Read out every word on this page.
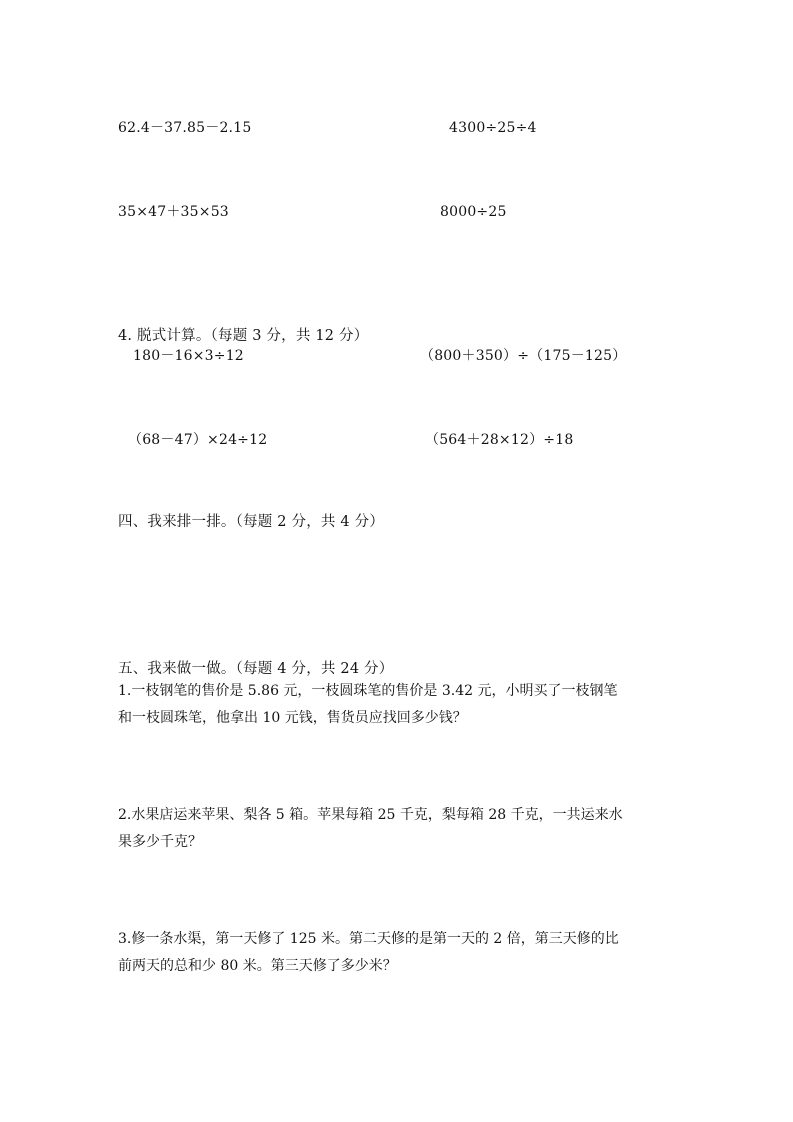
62.4－37.85－2.15	4300÷25÷4
35×47＋35×53	8000÷25
4. 脱式计算。（每题 3 分，共 12 分）
180－16×3÷12	（800＋350）÷（175－125）
（68－47）×24÷12	（564＋28×12）÷18
四、我来排一排。（每题 2 分，共 4 分）
五、我来做一做。（每题 4 分，共 24 分）
1.一枝钢笔的售价是 5.86 元，一枝圆珠笔的售价是 3.42 元，小明买了一枝钢笔
和一枝圆珠笔，他拿出 10 元钱，售货员应找回多少钱？
2.水果店运来苹果、梨各 5 箱。苹果每箱 25 千克，梨每箱 28 千克，一共运来水
果多少千克？
3.修一条水渠，第一天修了 125 米。第二天修的是第一天的 2 倍，第三天修的比
前两天的总和少 80 米。第三天修了多少米？
